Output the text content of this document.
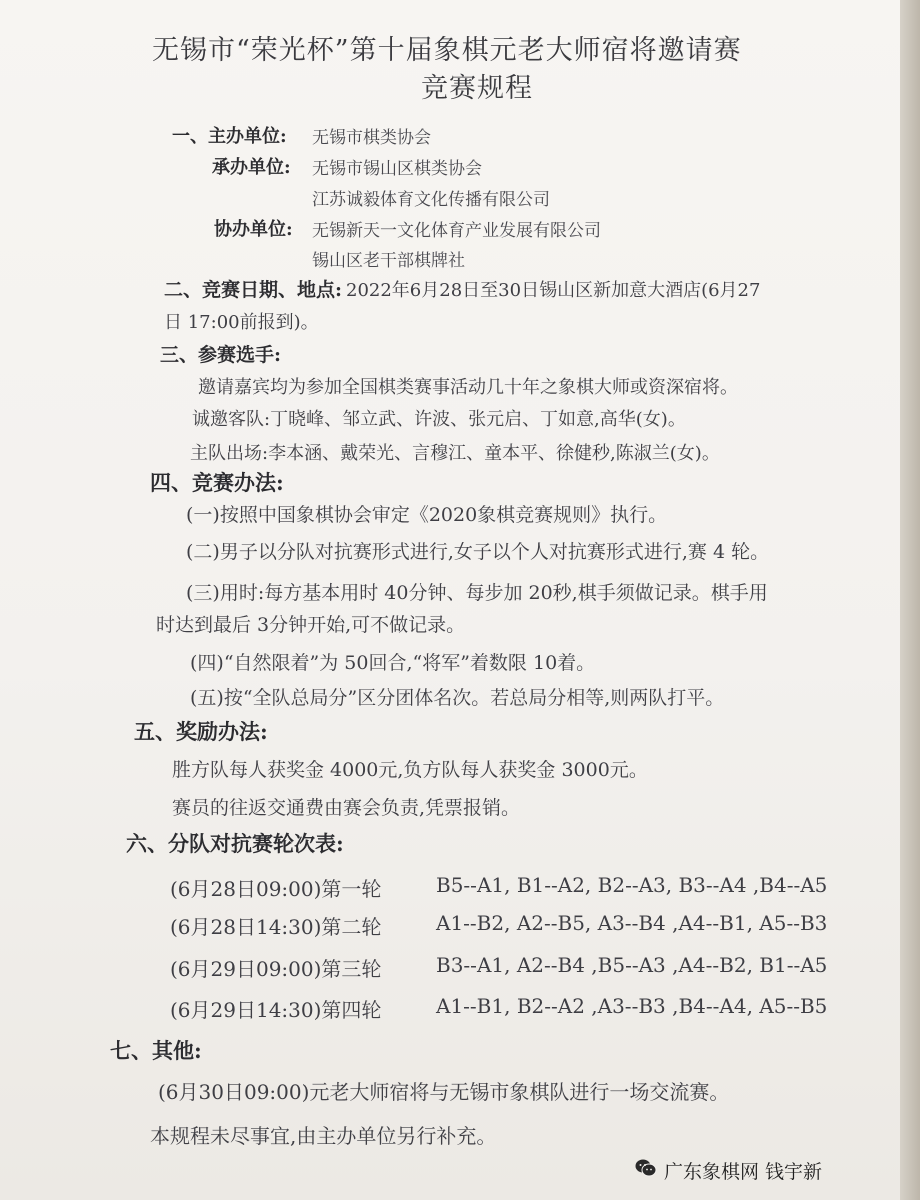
无锡市“荣光杯”第十届象棋元老大师宿将邀请赛
竞赛规程
一、主办单位: 无锡市棋类协会
承办单位: 无锡市锡山区棋类协会
江苏诚毅体育文化传播有限公司
协办单位: 无锡新天一文化体育产业发展有限公司
锡山区老干部棋牌社
二、竞赛日期、地点: 2022年6月28日至30日锡山区新加意大酒店(6月27
日 17:00前报到)。
三、参赛选手:
邀请嘉宾均为参加全国棋类赛事活动几十年之象棋大师或资深宿将。
诚邀客队:丁晓峰、邹立武、许波、张元启、丁如意,高华(女)。
主队出场:李本涵、戴荣光、言穆江、童本平、徐健秒,陈淑兰(女)。
四、竞赛办法:
(一)按照中国象棋协会审定《2020象棋竞赛规则》执行。
(二)男子以分队对抗赛形式进行,女子以个人对抗赛形式进行,赛 4 轮。
(三)用时:每方基本用时 40分钟、每步加 20秒,棋手须做记录。棋手用
时达到最后 3分钟开始,可不做记录。
(四)“自然限着”为 50回合,“将军”着数限 10着。
(五)按“全队总局分”区分团体名次。若总局分相等,则两队打平。
五、奖励办法:
胜方队每人获奖金 4000元,负方队每人获奖金 3000元。
赛员的往返交通费由赛会负责,凭票报销。
六、分队对抗赛轮次表:
(6月28日09:00)第一轮	B5--A1, B1--A2, B2--A3, B3--A4 ,B4--A5
(6月28日14:30)第二轮	A1--B2, A2--B5, A3--B4 ,A4--B1, A5--B3
(6月29日09:00)第三轮	B3--A1, A2--B4 ,B5--A3 ,A4--B2, B1--A5
(6月29日14:30)第四轮	A1--B1, B2--A2 ,A3--B3 ,B4--A4, A5--B5
七、其他:
(6月30日09:00)元老大师宿将与无锡市象棋队进行一场交流赛。
本规程未尽事宜,由主办单位另行补充。
广东象棋网 钱宇新
